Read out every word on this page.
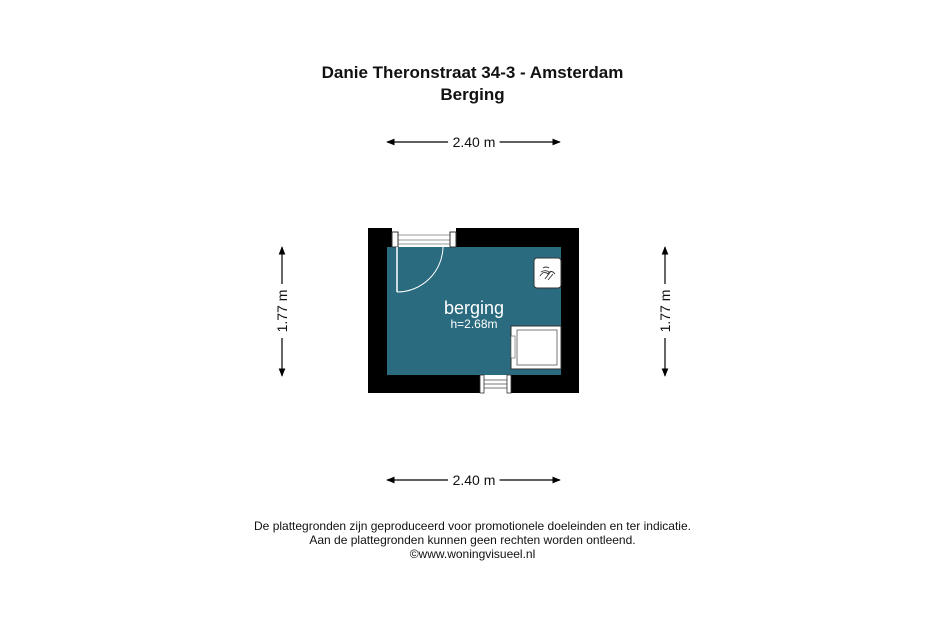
Danie Theronstraat 34-3 - Amsterdam
Berging
berging
h=2.68m
2.40 m
2.40 m
1.77 m	1.77 m
De plattegronden zijn geproduceerd voor promotionele doeleinden en ter indicatie.
Aan de plattegronden kunnen geen rechten worden ontleend.
©www.woningvisueel.nl
